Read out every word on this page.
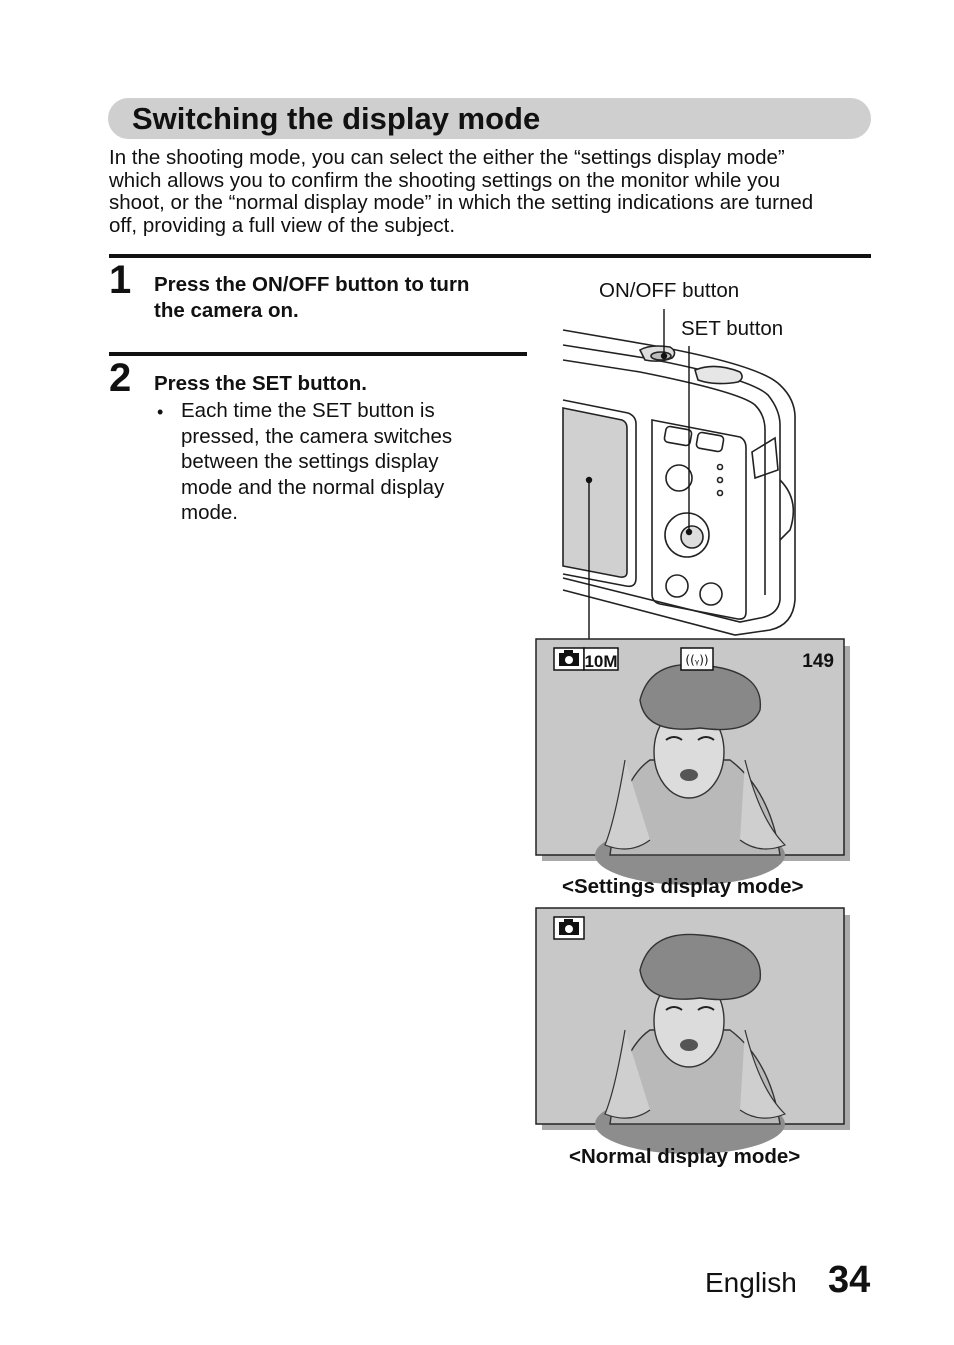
Switching the display mode

In the shooting mode, you can select the either the “settings display mode”

which allows you to confirm the shooting settings on the monitor while you

shoot, or the “normal display mode” in which the setting indications are turned

off, providing a full view of the subject.

1 Press the ON/OFF button to turn

the camera on.

2 Press the SET button.

• Each time the SET button is

pressed, the camera switches

between the settings display

mode and the normal display

mode.

10M	((ᵧ))	149
ON/OFF button
SET button
<Settings display mode>
<Normal display mode>
English 34
